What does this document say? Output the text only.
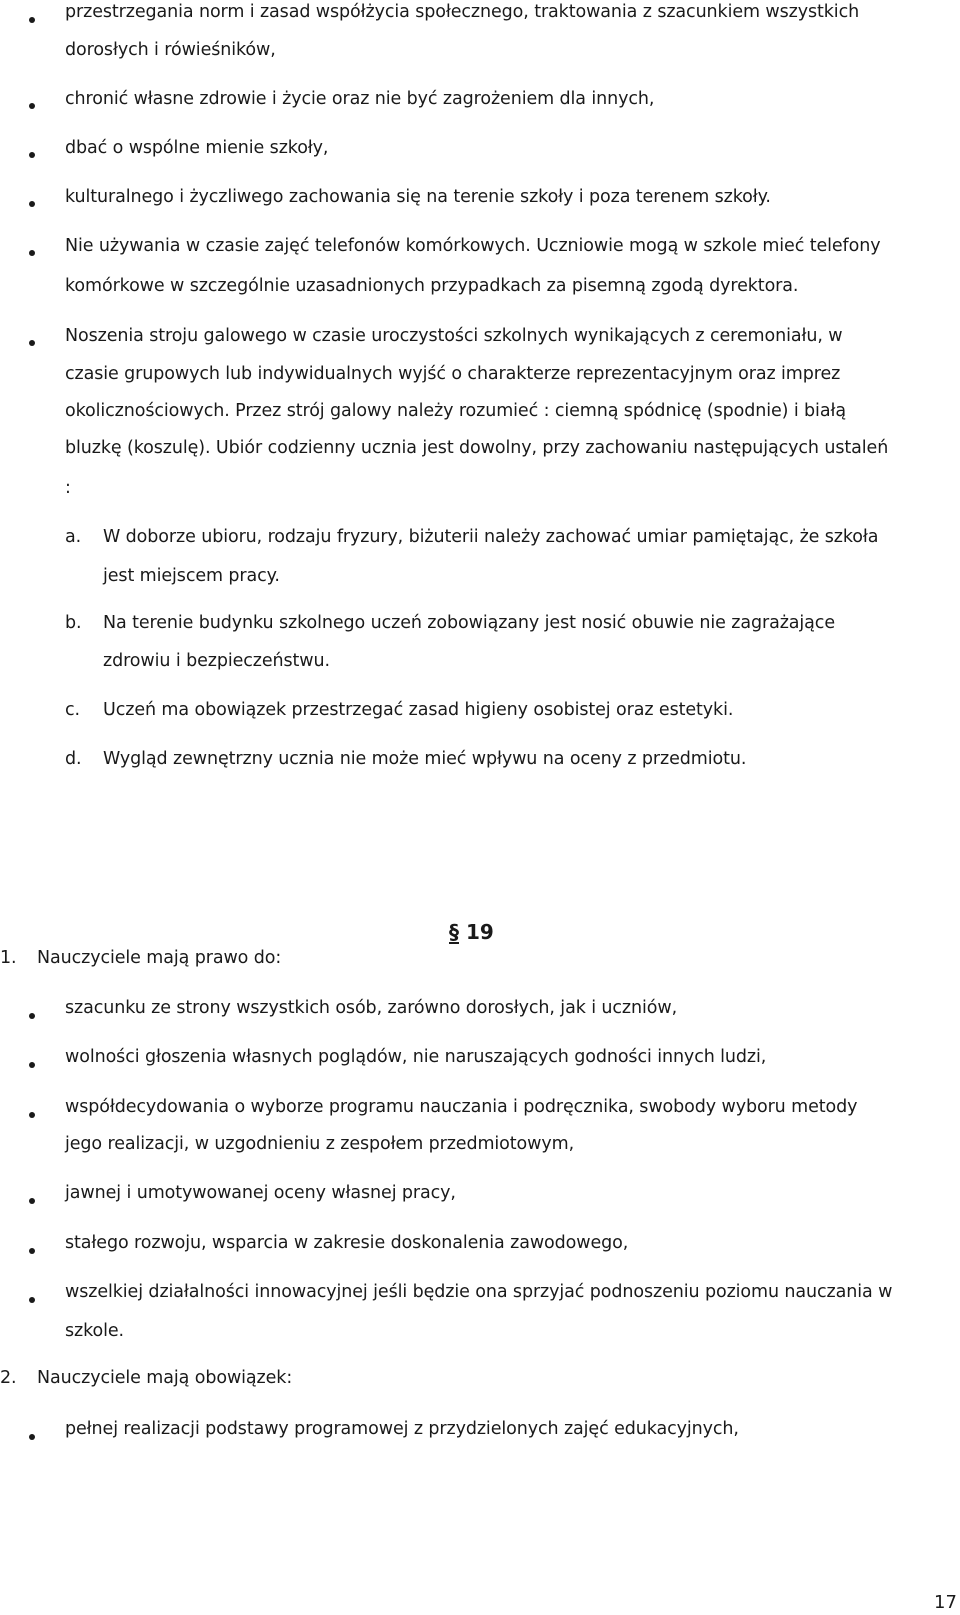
przestrzegania norm i zasad współżycia społecznego, traktowania z szacunkiem wszystkich
dorosłych i rówieśników,
chronić własne zdrowie i życie oraz nie być zagrożeniem dla innych,
dbać o wspólne mienie szkoły,
kulturalnego i życzliwego zachowania się na terenie szkoły i poza terenem szkoły.
Nie używania w czasie zajęć telefonów komórkowych. Uczniowie mogą w szkole mieć telefony
komórkowe w szczególnie uzasadnionych przypadkach za pisemną zgodą dyrektora.
Noszenia stroju galowego w czasie uroczystości szkolnych wynikających z ceremoniału, w
czasie grupowych lub indywidualnych wyjść o charakterze reprezentacyjnym oraz imprez
okolicznościowych. Przez strój galowy należy rozumieć : ciemną spódnicę (spodnie) i białą
bluzkę (koszulę). Ubiór codzienny ucznia jest dowolny, przy zachowaniu następujących ustaleń
:
a. W doborze ubioru, rodzaju fryzury, biżuterii należy zachować umiar pamiętając, że szkoła
jest miejscem pracy.
b. Na terenie budynku szkolnego uczeń zobowiązany jest nosić obuwie nie zagrażające
zdrowiu i bezpieczeństwu.
c. Uczeń ma obowiązek przestrzegać zasad higieny osobistej oraz estetyki.
d. Wygląd zewnętrzny ucznia nie może mieć wpływu na oceny z przedmiotu.
§ 19
1. Nauczyciele mają prawo do:
szacunku ze strony wszystkich osób, zarówno dorosłych, jak i uczniów,
wolności głoszenia własnych poglądów, nie naruszających godności innych ludzi,
współdecydowania o wyborze programu nauczania i podręcznika, swobody wyboru metody
jego realizacji, w uzgodnieniu z zespołem przedmiotowym,
jawnej i umotywowanej oceny własnej pracy,
stałego rozwoju, wsparcia w zakresie doskonalenia zawodowego,
wszelkiej działalności innowacyjnej jeśli będzie ona sprzyjać podnoszeniu poziomu nauczania w
szkole.
2. Nauczyciele mają obowiązek:
pełnej realizacji podstawy programowej z przydzielonych zajęć edukacyjnych,
17
